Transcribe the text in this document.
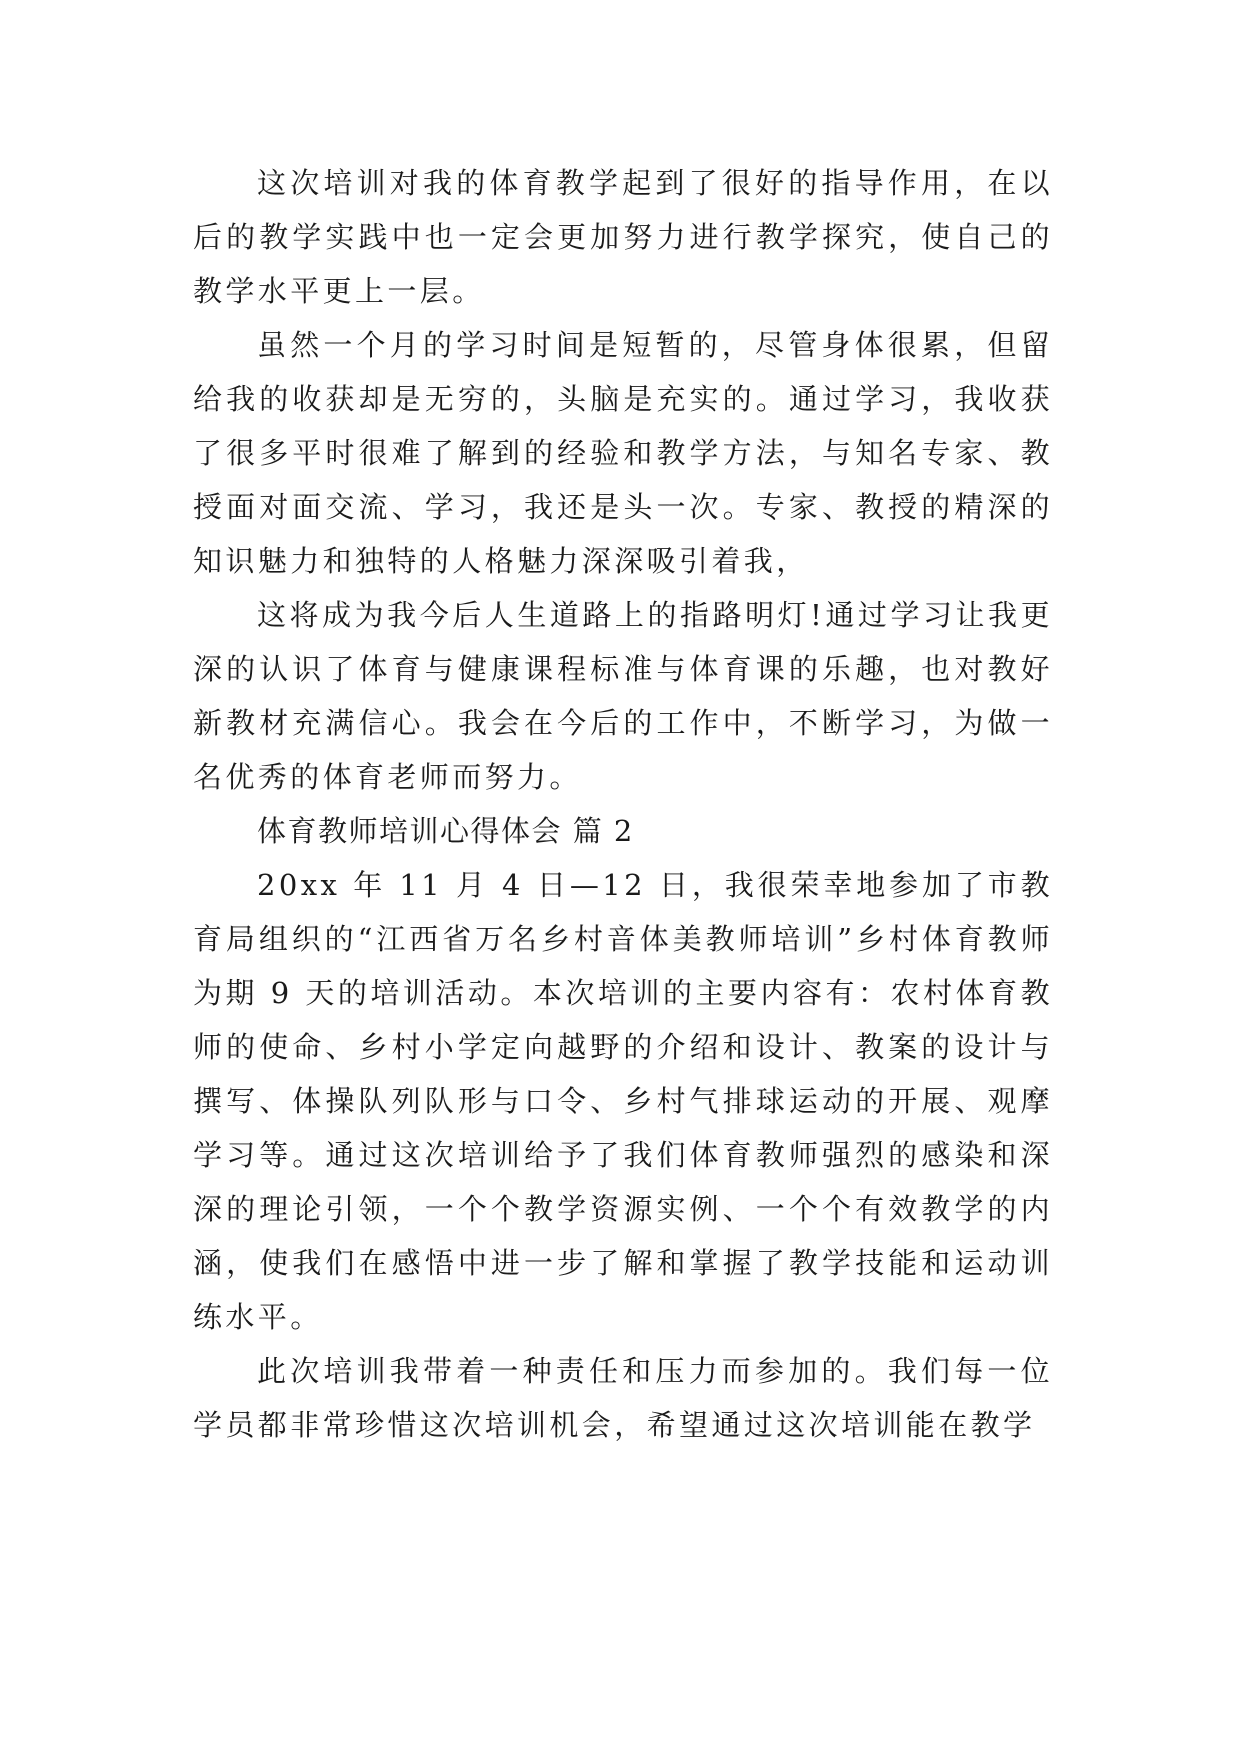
这次培训对我的体育教学起到了很好的指导作用，在以后的教学实践中也一定会更加努力进行教学探究，使自己的教学水平更上一层。

虽然一个月的学习时间是短暂的，尽管身体很累，但留给我的收获却是无穷的，头脑是充实的。通过学习，我收获了很多平时很难了解到的经验和教学方法，与知名专家、教授面对面交流、学习，我还是头一次。专家、教授的精深的知识魅力和独特的人格魅力深深吸引着我，

这将成为我今后人生道路上的指路明灯!通过学习让我更深的认识了体育与健康课程标准与体育课的乐趣，也对教好新教材充满信心。我会在今后的工作中，不断学习，为做一名优秀的体育老师而努力。

体育教师培训心得体会 篇 2

20xx 年 11 月 4 日—12 日，我很荣幸地参加了市教育局组织的“江西省万名乡村音体美教师培训”乡村体育教师为期 9 天的培训活动。本次培训的主要内容有：农村体育教师的使命、乡村小学定向越野的介绍和设计、教案的设计与撰写、体操队列队形与口令、乡村气排球运动的开展、观摩学习等。通过这次培训给予了我们体育教师强烈的感染和深深的理论引领，一个个教学资源实例、一个个有效教学的内涵，使我们在感悟中进一步了解和掌握了教学技能和运动训练水平。

此次培训我带着一种责任和压力而参加的。我们每一位学员都非常珍惜这次培训机会，希望通过这次培训能在教学
